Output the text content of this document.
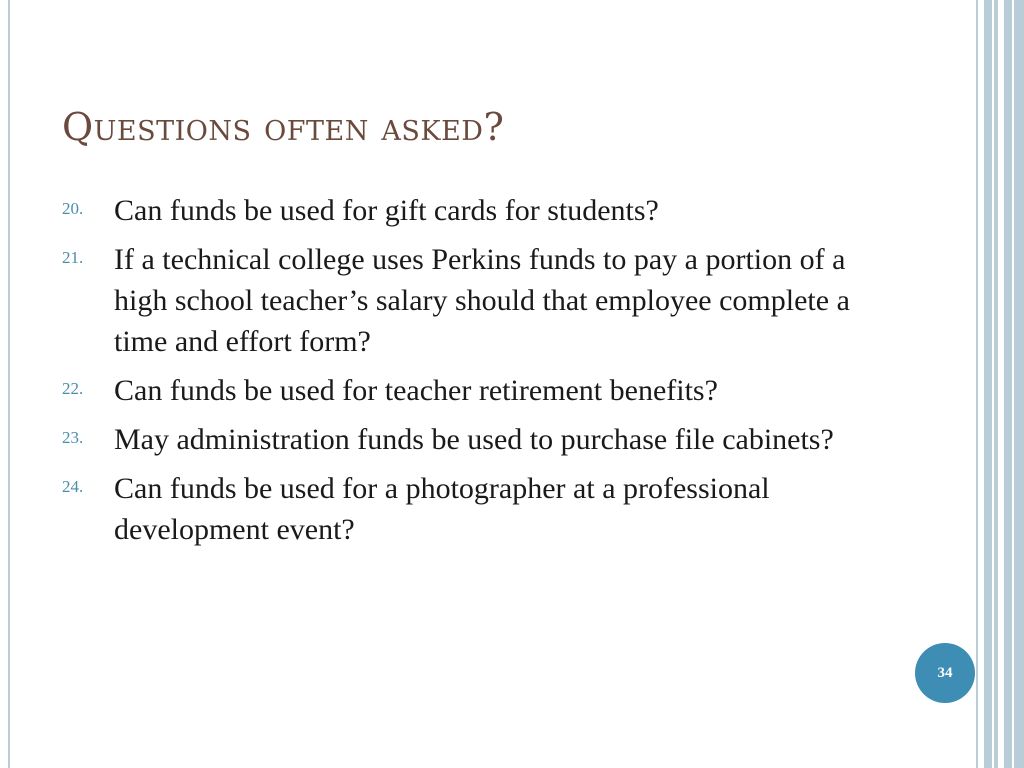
Questions often asked?
20. Can funds be used for gift cards for students?
21. If a technical college uses Perkins funds to pay a portion of a high school teacher’s salary should that employee complete a time and effort form?
22. Can funds be used for teacher retirement benefits?
23. May administration funds be used to purchase file cabinets?
24. Can funds be used for a photographer at a professional development event?
34
